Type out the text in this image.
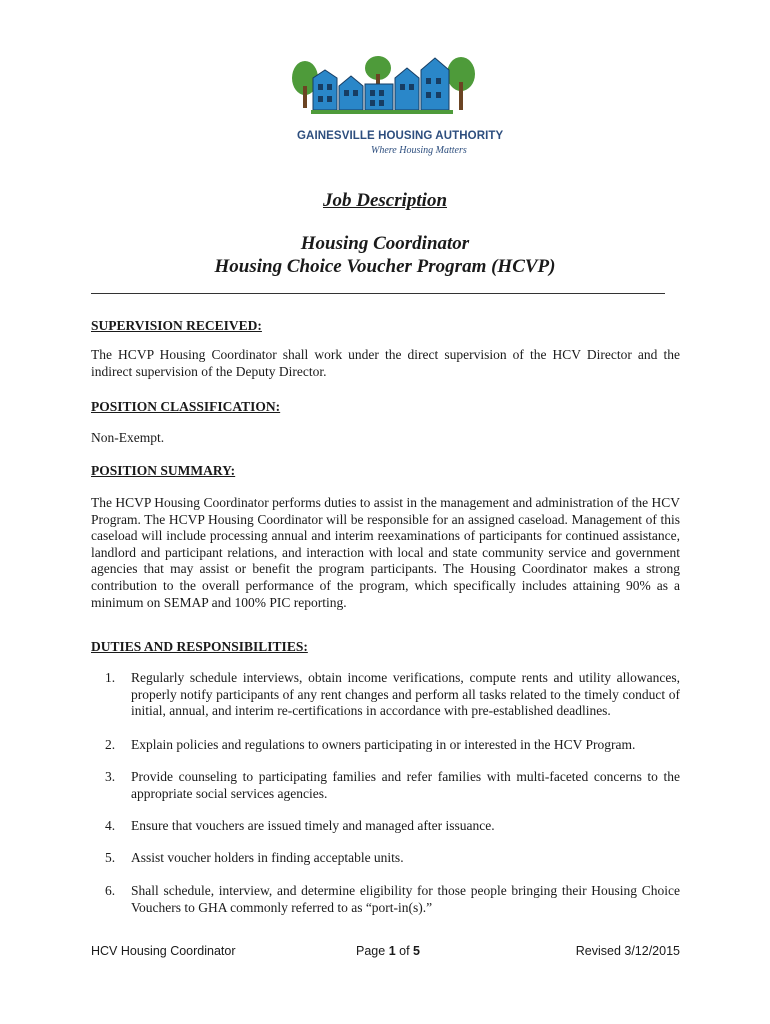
GAINESVILLE HOUSING AUTHORITY
Where Housing Matters
Job Description
Housing Coordinator
Housing Choice Voucher Program (HCVP)
SUPERVISION RECEIVED:
The HCVP Housing Coordinator shall work under the direct supervision of the HCV Director and the indirect supervision of the Deputy Director.
POSITION CLASSIFICATION:
Non-Exempt.
POSITION SUMMARY:
The HCVP Housing Coordinator performs duties to assist in the management and administration of the HCV Program. The HCVP Housing Coordinator will be responsible for an assigned caseload. Management of this caseload will include processing annual and interim reexaminations of participants for continued assistance, landlord and participant relations, and interaction with local and state community service and government agencies that may assist or benefit the program participants. The Housing Coordinator makes a strong contribution to the overall performance of the program, which specifically includes attaining 90% as a minimum on SEMAP and 100% PIC reporting.
DUTIES AND RESPONSIBILITIES:
1. Regularly schedule interviews, obtain income verifications, compute rents and utility allowances, properly notify participants of any rent changes and perform all tasks related to the timely conduct of initial, annual, and interim re-certifications in accordance with pre-established deadlines.
2. Explain policies and regulations to owners participating in or interested in the HCV Program.
3. Provide counseling to participating families and refer families with multi-faceted concerns to the appropriate social services agencies.
4. Ensure that vouchers are issued timely and managed after issuance.
5. Assist voucher holders in finding acceptable units.
6. Shall schedule, interview, and determine eligibility for those people bringing their Housing Choice Vouchers to GHA commonly referred to as “port-in(s).”
HCV Housing Coordinator	Page 1 of 5	Revised 3/12/2015
